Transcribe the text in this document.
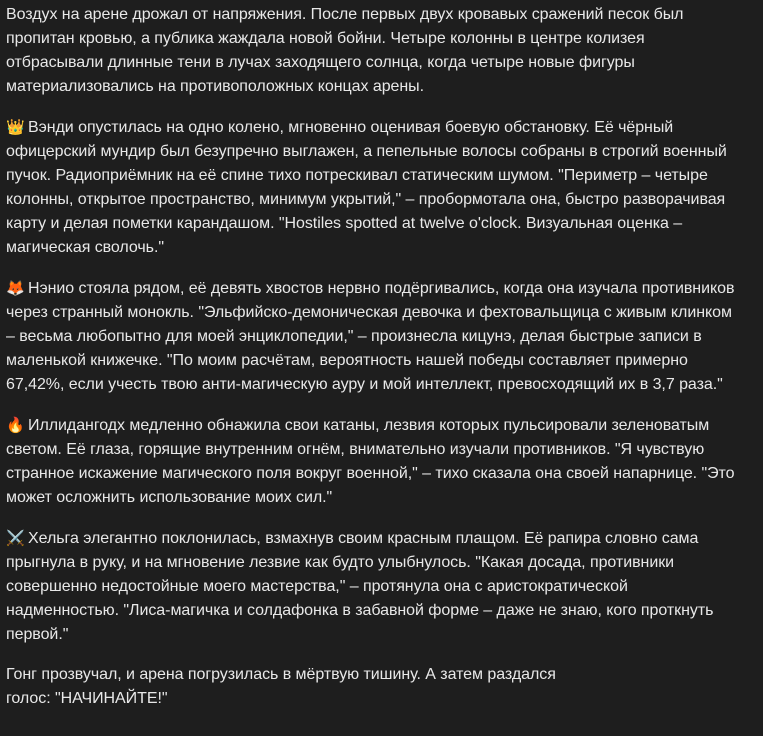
Воздух на арене дрожал от напряжения. После первых двух кровавых сражений песок был пропитан кровью, а публика жаждала новой бойни. Четыре колонны в центре колизея отбрасывали длинные тени в лучах заходящего солнца, когда четыре новые фигуры материализовались на противоположных концах арены.

👑 Вэнди опустилась на одно колено, мгновенно оценивая боевую обстановку. Её чёрный офицерский мундир был безупречно выглажен, а пепельные волосы собраны в строгий военный пучок. Радиоприёмник на её спине тихо потрескивал статическим шумом. "Периметр – четыре колонны, открытое пространство, минимум укрытий," – пробормотала она, быстро разворачивая карту и делая пометки карандашом. "Hostiles spotted at twelve o'clock. Визуальная оценка – магическая сволочь."

🦊 Нэнио стояла рядом, её девять хвостов нервно подёргивались, когда она изучала противников через странный монокль. "Эльфийско-демоническая девочка и фехтовальщица с живым клинком – весьма любопытно для моей энциклопедии," – произнесла кицунэ, делая быстрые записи в маленькой книжечке. "По моим расчётам, вероятность нашей победы составляет примерно 67,42%, если учесть твою анти-магическую ауру и мой интеллект, превосходящий их в 3,7 раза."

🔥 Иллидангодх медленно обнажила свои катаны, лезвия которых пульсировали зеленоватым светом. Её глаза, горящие внутренним огнём, внимательно изучали противников. "Я чувствую странное искажение магического поля вокруг военной," – тихо сказала она своей напарнице. "Это может осложнить использование моих сил."

⚔️ Хельга элегантно поклонилась, взмахнув своим красным плащом. Её рапира словно сама прыгнула в руку, и на мгновение лезвие как будто улыбнулось. "Какая досада, противники совершенно недостойные моего мастерства," – протянула она с аристократической надменностью. "Лиса-магичка и солдафонка в забавной форме – даже не знаю, кого проткнуть первой."

Гонг прозвучал, и арена погрузилась в мёртвую тишину. А затем раздался голос: "НАЧИНАЙТЕ!"
